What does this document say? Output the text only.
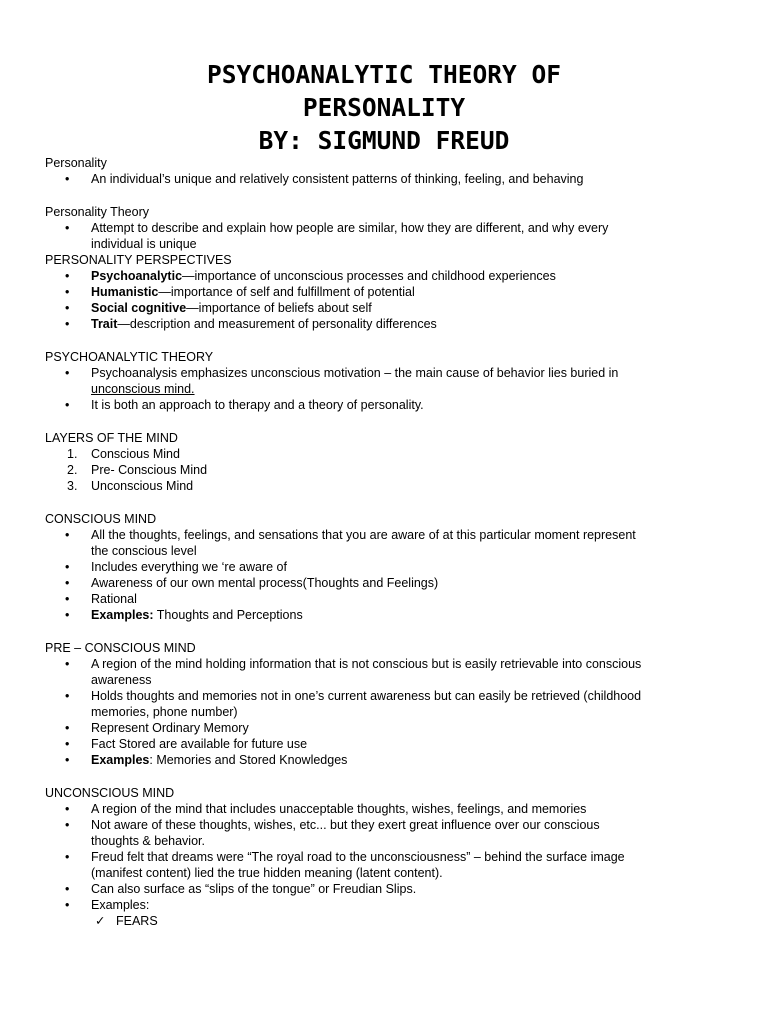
PSYCHOANALYTIC THEORY OF
PERSONALITY
BY: SIGMUND FREUD
Personality
•	An individual’s unique and relatively consistent patterns of thinking, feeling, and behaving
Personality Theory
•	Attempt to describe and explain how people are similar, how they are different, and why every
individual is unique
PERSONALITY PERSPECTIVES
•	Psychoanalytic—importance of unconscious processes and childhood experiences
•	Humanistic—importance of self and fulfillment of potential
•	Social cognitive—importance of beliefs about self
•	Trait—description and measurement of personality differences
PSYCHOANALYTIC THEORY
•	Psychoanalysis emphasizes unconscious motivation – the main cause of behavior lies buried in
unconscious mind.
•	It is both an approach to therapy and a theory of personality.
LAYERS OF THE MIND
1.	Conscious Mind
2.	Pre- Conscious Mind
3.	Unconscious Mind
CONSCIOUS MIND
•	All the thoughts, feelings, and sensations that you are aware of at this particular moment represent
the conscious level
•	Includes everything we ‘re aware of
•	Awareness of our own mental process(Thoughts and Feelings)
•	Rational
•	Examples: Thoughts and Perceptions
PRE – CONSCIOUS MIND
•	A region of the mind holding information that is not conscious but is easily retrievable into conscious
awareness
•	Holds thoughts and memories not in one’s current awareness but can easily be retrieved (childhood
memories, phone number)
•	Represent Ordinary Memory
•	Fact Stored are available for future use
•	Examples: Memories and Stored Knowledges
UNCONSCIOUS MIND
•	A region of the mind that includes unacceptable thoughts, wishes, feelings, and memories
•	Not aware of these thoughts, wishes, etc... but they exert great influence over our conscious
thoughts & behavior.
•	Freud felt that dreams were “The royal road to the unconsciousness” – behind the surface image
(manifest content) lied the true hidden meaning (latent content).
•	Can also surface as “slips of the tongue” or Freudian Slips.
•	Examples:
✓ FEARS
